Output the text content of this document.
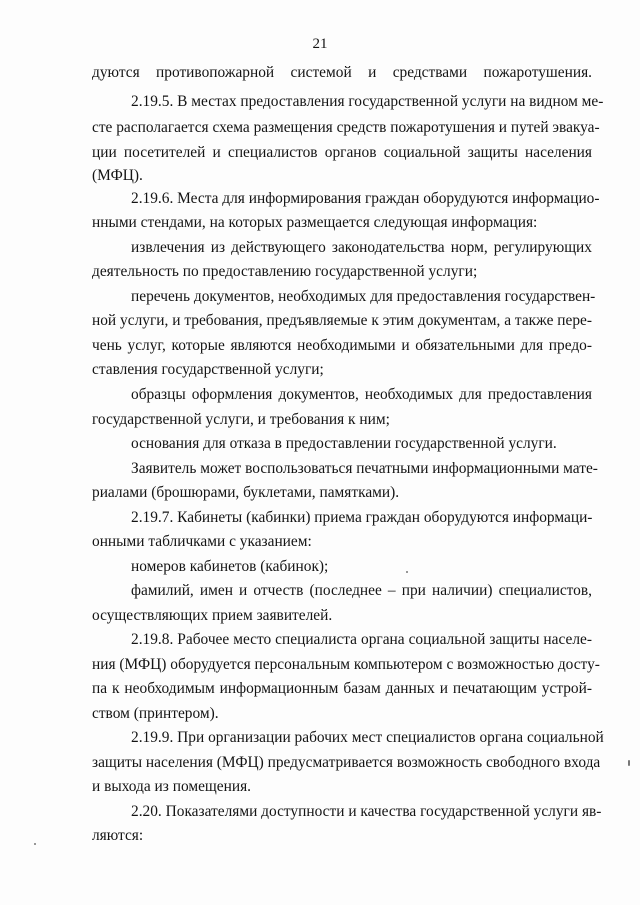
21
дуются противопожарной системой и средствами пожаротушения.
2.19.5. В местах предоставления государственной услуги на видном ме-
сте располагается схема размещения средств пожаротушения и путей эвакуа-
ции посетителей и специалистов органов социальной защиты населения
(МФЦ).
2.19.6. Места для информирования граждан оборудуются информацио-
нными стендами, на которых размещается следующая информация:
извлечения из действующего законодательства норм, регулирующих
деятельность по предоставлению государственной услуги;
перечень документов, необходимых для предоставления государствен-
ной услуги, и требования, предъявляемые к этим документам, а также пере-
чень услуг, которые являются необходимыми и обязательными для предо-
ставления государственной услуги;
образцы оформления документов, необходимых для предоставления
государственной услуги, и требования к ним;
основания для отказа в предоставлении государственной услуги.
Заявитель может воспользоваться печатными информационными мате-
риалами (брошюрами, буклетами, памятками).
2.19.7. Кабинеты (кабинки) приема граждан оборудуются информаци-
онными табличками с указанием:
номеров кабинетов (кабинок);
фамилий, имен и отчеств (последнее – при наличии) специалистов,
осуществляющих прием заявителей.
2.19.8. Рабочее место специалиста органа социальной защиты населе-
ния (МФЦ) оборудуется персональным компьютером с возможностью досту-
па к необходимым информационным базам данных и печатающим устрой-
ством (принтером).
2.19.9. При организации рабочих мест специалистов органа социальной
защиты населения (МФЦ) предусматривается возможность свободного входа
и выхода из помещения.
2.20. Показателями доступности и качества государственной услуги яв-
ляются:
